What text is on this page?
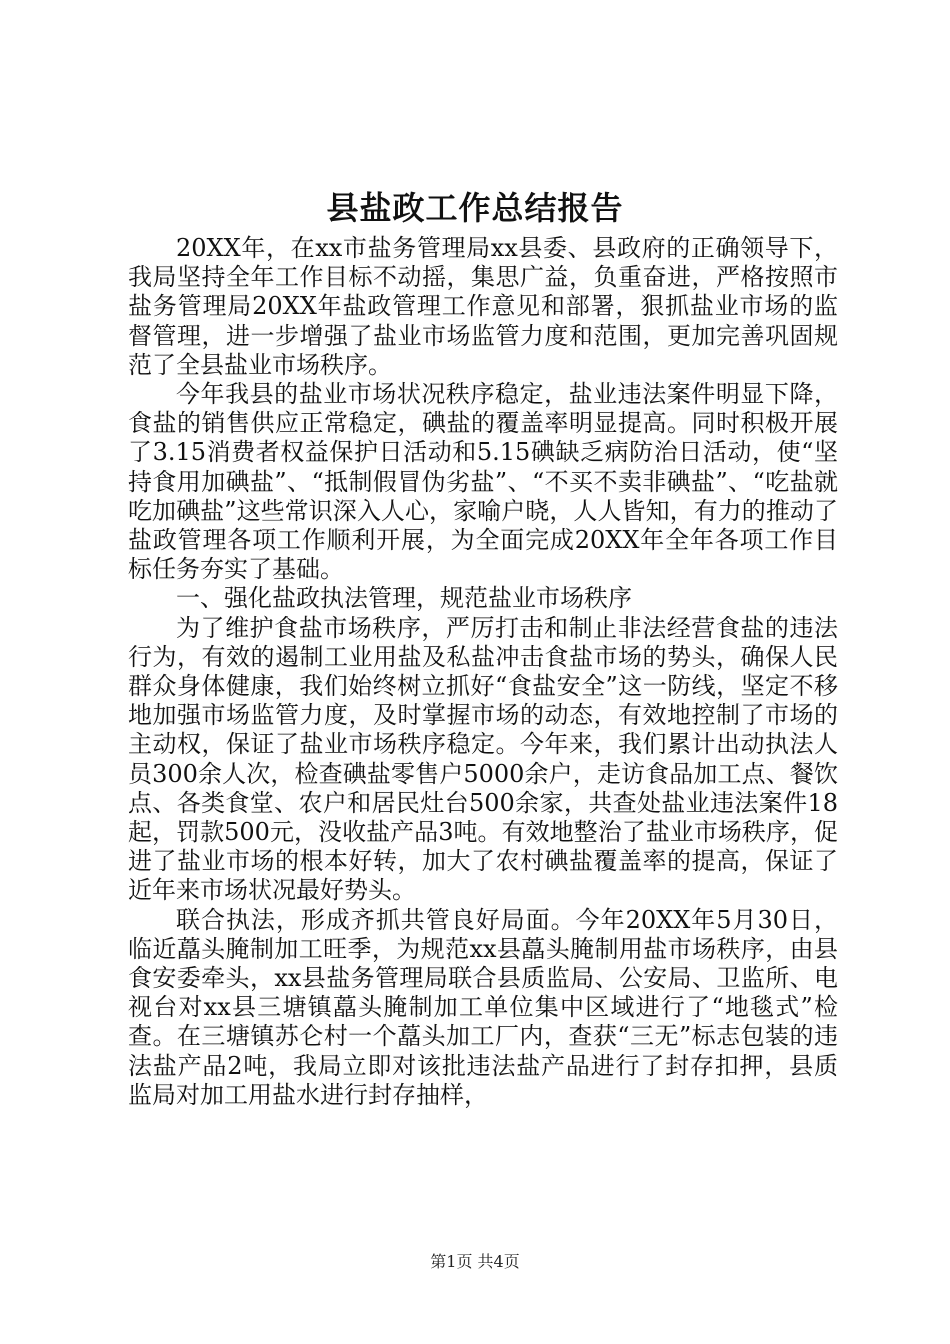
县盐政工作总结报告

20XX年，在xx市盐务管理局xx县委、县政府的正确领导下，我局坚持全年工作目标不动摇，集思广益，负重奋进，严格按照市盐务管理局20XX年盐政管理工作意见和部署，狠抓盐业市场的监督管理，进一步增强了盐业市场监管力度和范围，更加完善巩固规范了全县盐业市场秩序。

今年我县的盐业市场状况秩序稳定，盐业违法案件明显下降，食盐的销售供应正常稳定，碘盐的覆盖率明显提高。同时积极开展了3.15消费者权益保护日活动和5.15碘缺乏病防治日活动，使“坚持食用加碘盐”、“抵制假冒伪劣盐”、“不买不卖非碘盐”、“吃盐就吃加碘盐”这些常识深入人心，家喻户晓，人人皆知，有力的推动了盐政管理各项工作顺利开展，为全面完成20XX年全年各项工作目标任务夯实了基础。

一、强化盐政执法管理，规范盐业市场秩序

为了维护食盐市场秩序，严厉打击和制止非法经营食盐的违法行为，有效的遏制工业用盐及私盐冲击食盐市场的势头，确保人民群众身体健康，我们始终树立抓好“食盐安全”这一防线，坚定不移地加强市场监管力度，及时掌握市场的动态，有效地控制了市场的主动权，保证了盐业市场秩序稳定。今年来，我们累计出动执法人员300余人次，检查碘盐零售户5000余户，走访食品加工点、餐饮点、各类食堂、农户和居民灶台500余家，共查处盐业违法案件18起，罚款500元，没收盐产品3吨。有效地整治了盐业市场秩序，促进了盐业市场的根本好转，加大了农村碘盐覆盖率的提高，保证了近年来市场状况最好势头。

联合执法，形成齐抓共管良好局面。今年20XX年5月30日，临近藠头腌制加工旺季，为规范xx县藠头腌制用盐市场秩序，由县食安委牵头，xx县盐务管理局联合县质监局、公安局、卫监所、电视台对xx县三塘镇藠头腌制加工单位集中区域进行了“地毯式”检查。在三塘镇苏仑村一个藠头加工厂内，查获“三无”标志包装的违法盐产品2吨，我局立即对该批违法盐产品进行了封存扣押，县质监局对加工用盐水进行封存抽样，

第1页 共4页
